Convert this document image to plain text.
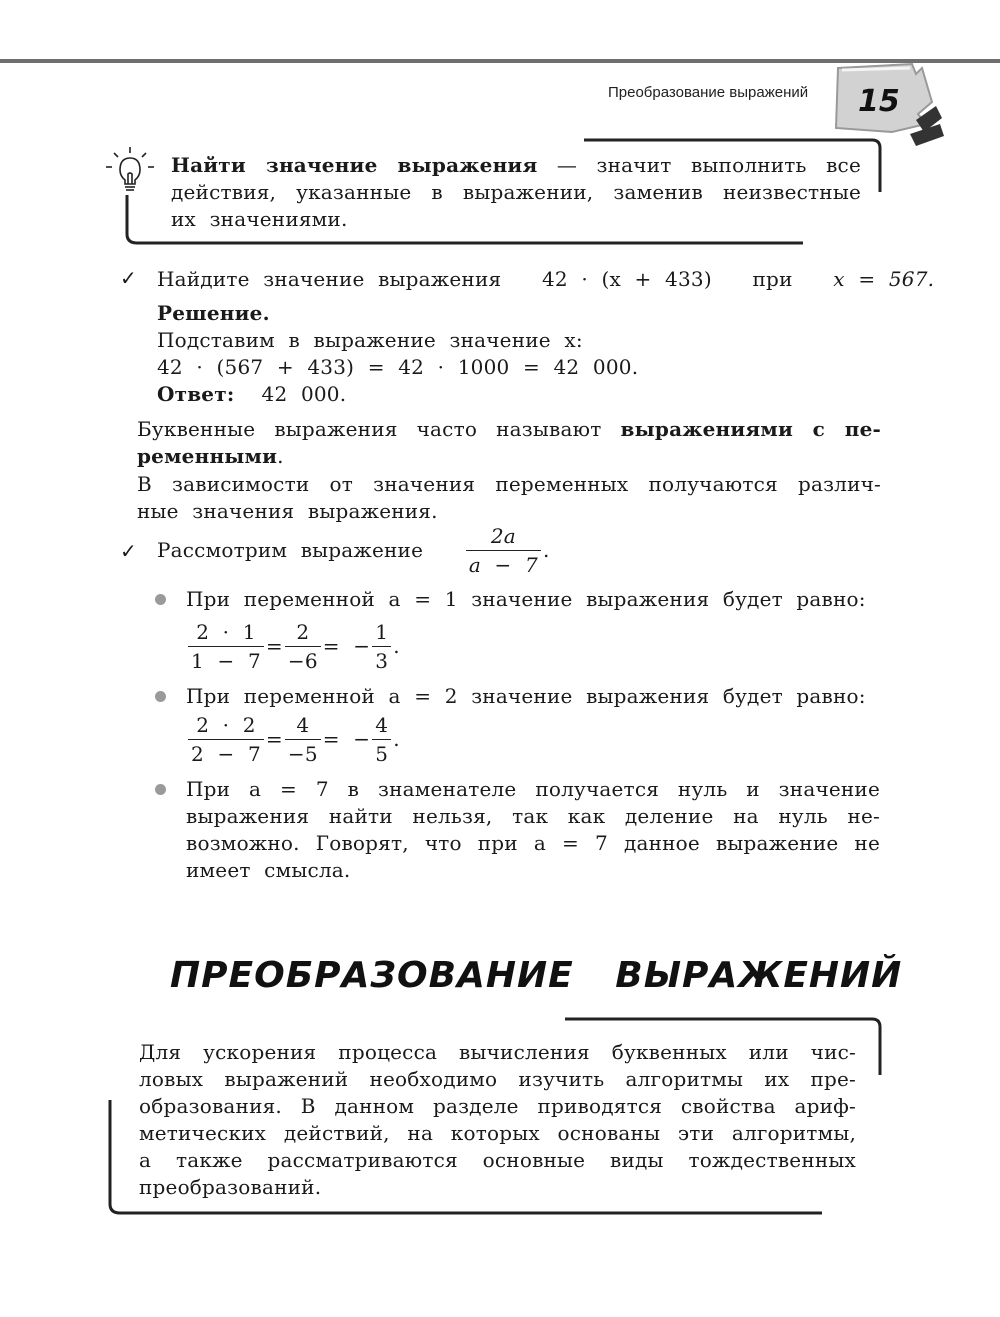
Преобразование выражений 15
Найти значение выражения — значит выполнить все действия, указанные в выражении, заменив неизвестные их значениями.
✓ Найдите значение выражения 42 · (x + 433) при x = 567.
Решение.
Подставим в выражение значение x:
42 · (567 + 433) = 42 · 1000 = 42 000.
Ответ: 42 000.
Буквенные выражения часто называют выражениями с пе-ременными.
В зависимости от значения переменных получаются различ-ные значения выражения.
✓ Рассмотрим выражение $\frac{2a}{a - 7}$ .
При переменной a = 1 значение выражения будет равно:
$\frac{2 \cdot 1}{1 - 7} = \frac{2}{-6}$ = − $\frac{1}{3}$ .
При переменной a = 2 значение выражения будет равно:
$\frac{2 \cdot 2}{2 - 7} = \frac{4}{-5}$ = − $\frac{4}{5}$ .
При a = 7 в знаменателе получается нуль и значение выражения найти нельзя, так как деление на нуль не-возможно. Говорят, что при a = 7 данное выражение не имеет смысла.
ПРЕОБРАЗОВАНИЕ ВЫРАЖЕНИЙ
Для ускорения процесса вычисления буквенных или чис-ловых выражений необходимо изучить алгоритмы их пре-образования. В данном разделе приводятся свойства ариф-метических действий, на которых основаны эти алгоритмы, а также рассматриваются основные виды тождественных преобразований.
